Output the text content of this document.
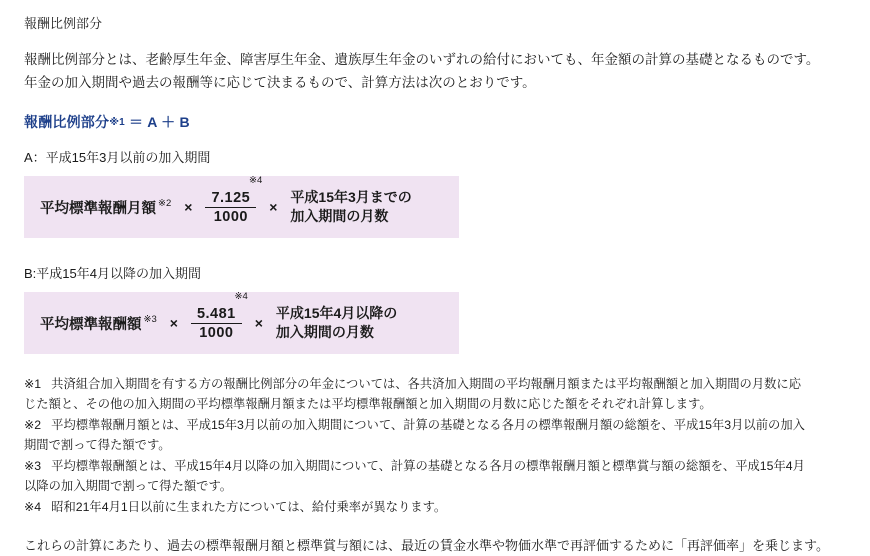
報酬比例部分
報酬比例部分とは、老齢厚生年金、障害厚生年金、遺族厚生年金のいずれの給付においても、年金額の計算の基礎となるものです。
年金の加入期間や過去の報酬等に応じて決まるもので、計算方法は次のとおりです。
報酬比例部分$^{※1}$ ＝ A ＋ B
A：平成15年3月以前の加入期間
平均標準報酬月額 ※2 ×
※4
7.125
1000
×
平成15年3月までの
加入期間の月数
B:平成15年4月以降の加入期間
平均標準報酬額 ※3 ×
※4
5.481
1000
×
平成15年4月以降の
加入期間の月数
※1 共済組合加入期間を有する方の報酬比例部分の年金については、各共済加入期間の平均報酬月額または平均報酬額と加入期間の月数に応
じた額と、その他の加入期間の平均標準報酬月額または平均標準報酬額と加入期間の月数に応じた額をそれぞれ計算します。
※2 平均標準報酬月額とは、平成15年3月以前の加入期間について、計算の基礎となる各月の標準報酬月額の総額を、平成15年3月以前の加入
期間で割って得た額です。
※3 平均標準報酬額とは、平成15年4月以降の加入期間について、計算の基礎となる各月の標準報酬月額と標準賞与額の総額を、平成15年4月
以降の加入期間で割って得た額です。
※4 昭和21年4月1日以前に生まれた方については、給付乗率が異なります。
これらの計算にあたり、過去の標準報酬月額と標準賞与額には、最近の賃金水準や物価水準で再評価するために「再評価率」を乗じます。
